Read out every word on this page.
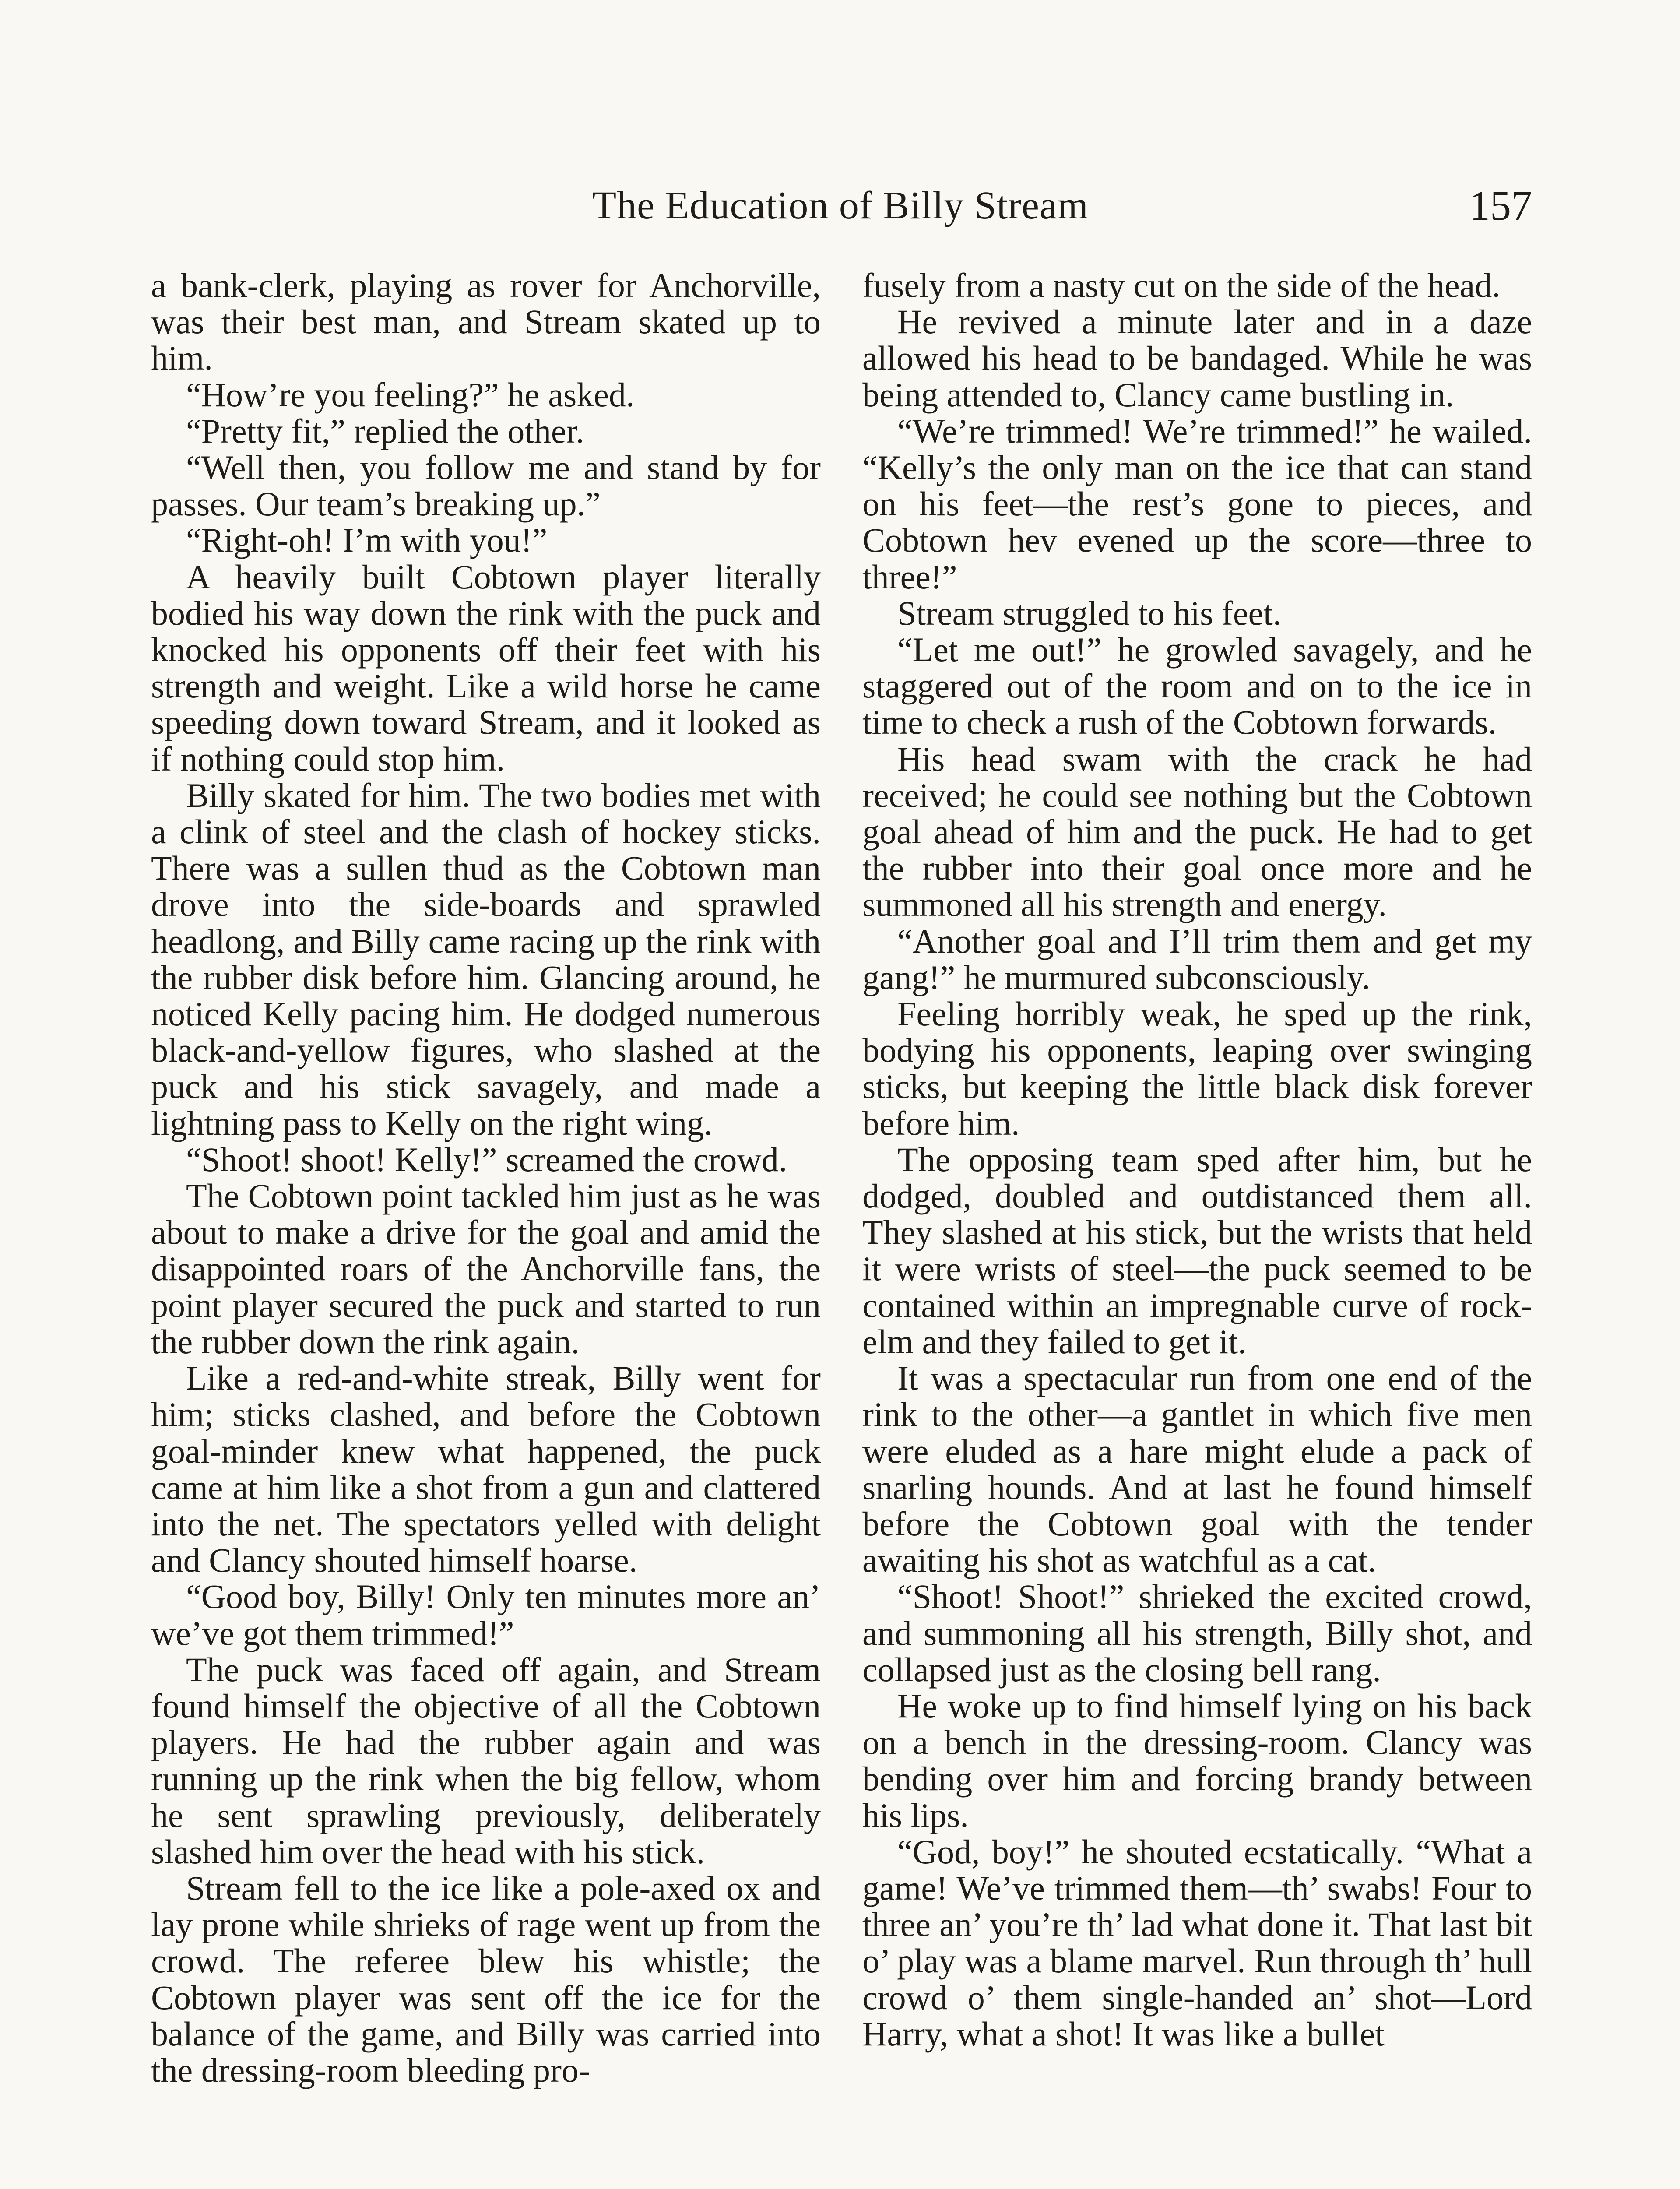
The Education of Billy Stream	157

a bank-clerk, playing as rover for Anchorville, was their best man, and Stream skated up to him.

“How’re you feeling?” he asked.

“Pretty fit,” replied the other.

“Well then, you follow me and stand by for passes. Our team’s breaking up.”

“Right-oh! I’m with you!”

A heavily built Cobtown player literally bodied his way down the rink with the puck and knocked his opponents off their feet with his strength and weight. Like a wild horse he came speeding down toward Stream, and it looked as if nothing could stop him.

Billy skated for him. The two bodies met with a clink of steel and the clash of hockey sticks. There was a sullen thud as the Cobtown man drove into the side-boards and sprawled headlong, and Billy came racing up the rink with the rubber disk before him. Glancing around, he noticed Kelly pacing him. He dodged numerous black-and-yellow figures, who slashed at the puck and his stick savagely, and made a lightning pass to Kelly on the right wing.

“Shoot! shoot! Kelly!” screamed the crowd.

The Cobtown point tackled him just as he was about to make a drive for the goal and amid the disappointed roars of the Anchorville fans, the point player secured the puck and started to run the rubber down the rink again.

Like a red-and-white streak, Billy went for him; sticks clashed, and before the Cobtown goal-minder knew what happened, the puck came at him like a shot from a gun and clattered into the net. The spectators yelled with delight and Clancy shouted himself hoarse.

“Good boy, Billy! Only ten minutes more an’ we’ve got them trimmed!”

The puck was faced off again, and Stream found himself the objective of all the Cobtown players. He had the rubber again and was running up the rink when the big fellow, whom he sent sprawling previously, deliberately slashed him over the head with his stick.

Stream fell to the ice like a pole-axed ox and lay prone while shrieks of rage went up from the crowd. The referee blew his whistle; the Cobtown player was sent off the ice for the balance of the game, and Billy was carried into the dressing-room bleeding pro-

fusely from a nasty cut on the side of the head.

He revived a minute later and in a daze allowed his head to be bandaged. While he was being attended to, Clancy came bustling in.

“We’re trimmed! We’re trimmed!” he wailed. “Kelly’s the only man on the ice that can stand on his feet—the rest’s gone to pieces, and Cobtown hev evened up the score—three to three!”

Stream struggled to his feet.

“Let me out!” he growled savagely, and he staggered out of the room and on to the ice in time to check a rush of the Cobtown forwards.

His head swam with the crack he had received; he could see nothing but the Cobtown goal ahead of him and the puck. He had to get the rubber into their goal once more and he summoned all his strength and energy.

“Another goal and I’ll trim them and get my gang!” he murmured subconsciously.

Feeling horribly weak, he sped up the rink, bodying his opponents, leaping over swinging sticks, but keeping the little black disk forever before him.

The opposing team sped after him, but he dodged, doubled and outdistanced them all. They slashed at his stick, but the wrists that held it were wrists of steel—the puck seemed to be contained within an impregnable curve of rock-elm and they failed to get it.

It was a spectacular run from one end of the rink to the other—a gantlet in which five men were eluded as a hare might elude a pack of snarling hounds. And at last he found himself before the Cobtown goal with the tender awaiting his shot as watchful as a cat.

“Shoot! Shoot!” shrieked the excited crowd, and summoning all his strength, Billy shot, and collapsed just as the closing bell rang.

He woke up to find himself lying on his back on a bench in the dressing-room. Clancy was bending over him and forcing brandy between his lips.

“God, boy!” he shouted ecstatically. “What a game! We’ve trimmed them—th’ swabs! Four to three an’ you’re th’ lad what done it. That last bit o’ play was a blame marvel. Run through th’ hull crowd o’ them single-handed an’ shot—Lord Harry, what a shot! It was like a bullet
